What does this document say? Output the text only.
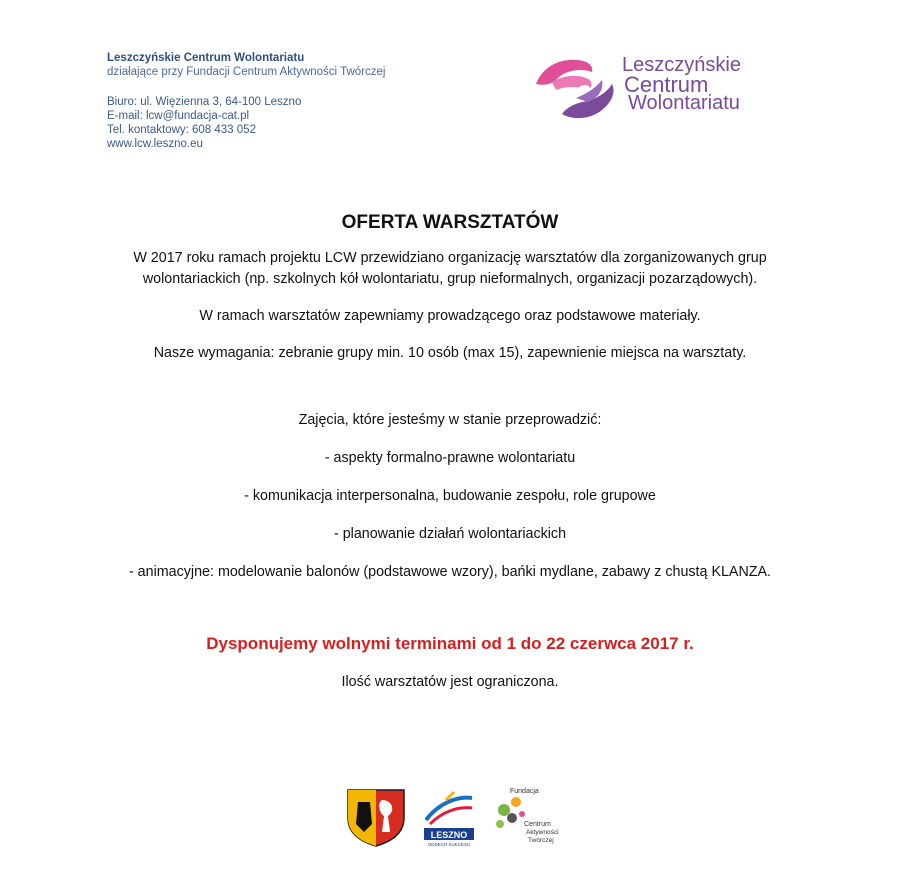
Leszczyńskie Centrum Wolontariatu
działające przy Fundacji Centrum Aktywności Twórczej
Biuro: ul. Więzienna 3, 64-100 Leszno
E-mail: lcw@fundacja-cat.pl
Tel. kontaktowy: 608 433 052
www.lcw.leszno.eu
Leszczyńskie
Centrum
Wolontariatu
OFERTA WARSZTATÓW

W 2017 roku ramach projektu LCW przewidziano organizację warsztatów dla zorganizowanych grup

wolontariackich (np. szkolnych kół wolontariatu, grup nieformalnych, organizacji pozarządowych).

W ramach warsztatów zapewniamy prowadzącego oraz podstawowe materiały.

Nasze wymagania: zebranie grupy min. 10 osób (max 15), zapewnienie miejsca na warsztaty.

Zajęcia, które jesteśmy w stanie przeprowadzić:

- aspekty formalno-prawne wolontariatu

- komunikacja interpersonalna, budowanie zespołu, role grupowe

- planowanie działań wolontariackich

- animacyjne: modelowanie balonów (podstawowe wzory), bańki mydlane, zabawy z chustą KLANZA.

Dysponujemy wolnymi terminami od 1 do 22 czerwca 2017 r.

Ilość warsztatów jest ograniczona.

LESZNO
ODDECH SUKCESU
Fundacja
Centrum
Aktywności
Twórczej
